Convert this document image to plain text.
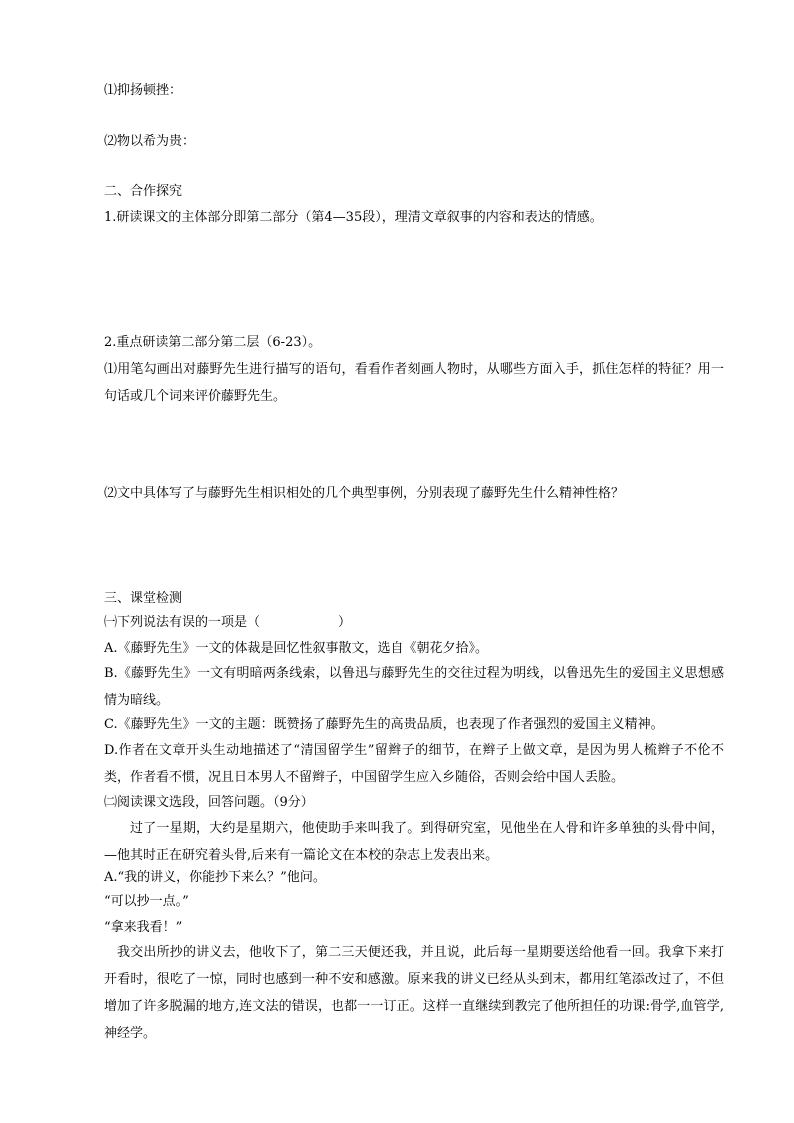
⑴抑扬顿挫：
⑵物以希为贵：
二、合作探究
1.研读课文的主体部分即第二部分（第4—35段），理清文章叙事的内容和表达的情感。
2.重点研读第二部分第二层（6-23）。
⑴用笔勾画出对藤野先生进行描写的语句，看看作者刻画人物时，从哪些方面入手，抓住怎样的特征？用一句话或几个词来评价藤野先生。
⑵文中具体写了与藤野先生相识相处的几个典型事例，分别表现了藤野先生什么精神性格？
三、课堂检测
㈠下列说法有误的一项是（　　　　　　）
A.《藤野先生》一文的体裁是回忆性叙事散文，选自《朝花夕拾》。
B.《藤野先生》一文有明暗两条线索，以鲁迅与藤野先生的交往过程为明线，以鲁迅先生的爱国主义思想感情为暗线。
C.《藤野先生》一文的主题：既赞扬了藤野先生的高贵品质，也表现了作者强烈的爱国主义精神。
D.作者在文章开头生动地描述了“清国留学生”留辫子的细节，在辫子上做文章，是因为男人梳辫子不伦不类，作者看不惯，况且日本男人不留辫子，中国留学生应入乡随俗，否则会给中国人丢脸。
㈡阅读课文选段，回答问题。（9分）
过了一星期，大约是星期六，他使助手来叫我了。到得研究室，见他坐在人骨和许多单独的头骨中间，—他其时正在研究着头骨,后来有一篇论文在本校的杂志上发表出来。
A.“我的讲义，你能抄下来么？”他问。
“可以抄一点。”
“拿来我看！”
我交出所抄的讲义去，他收下了，第二三天便还我，并且说，此后每一星期要送给他看一回。我拿下来打开看时，很吃了一惊，同时也感到一种不安和感激。原来我的讲义已经从头到末，都用红笔添改过了，不但增加了许多脱漏的地方,连文法的错误，也都一一订正。这样一直继续到教完了他所担任的功课:骨学,血管学,神经学。
